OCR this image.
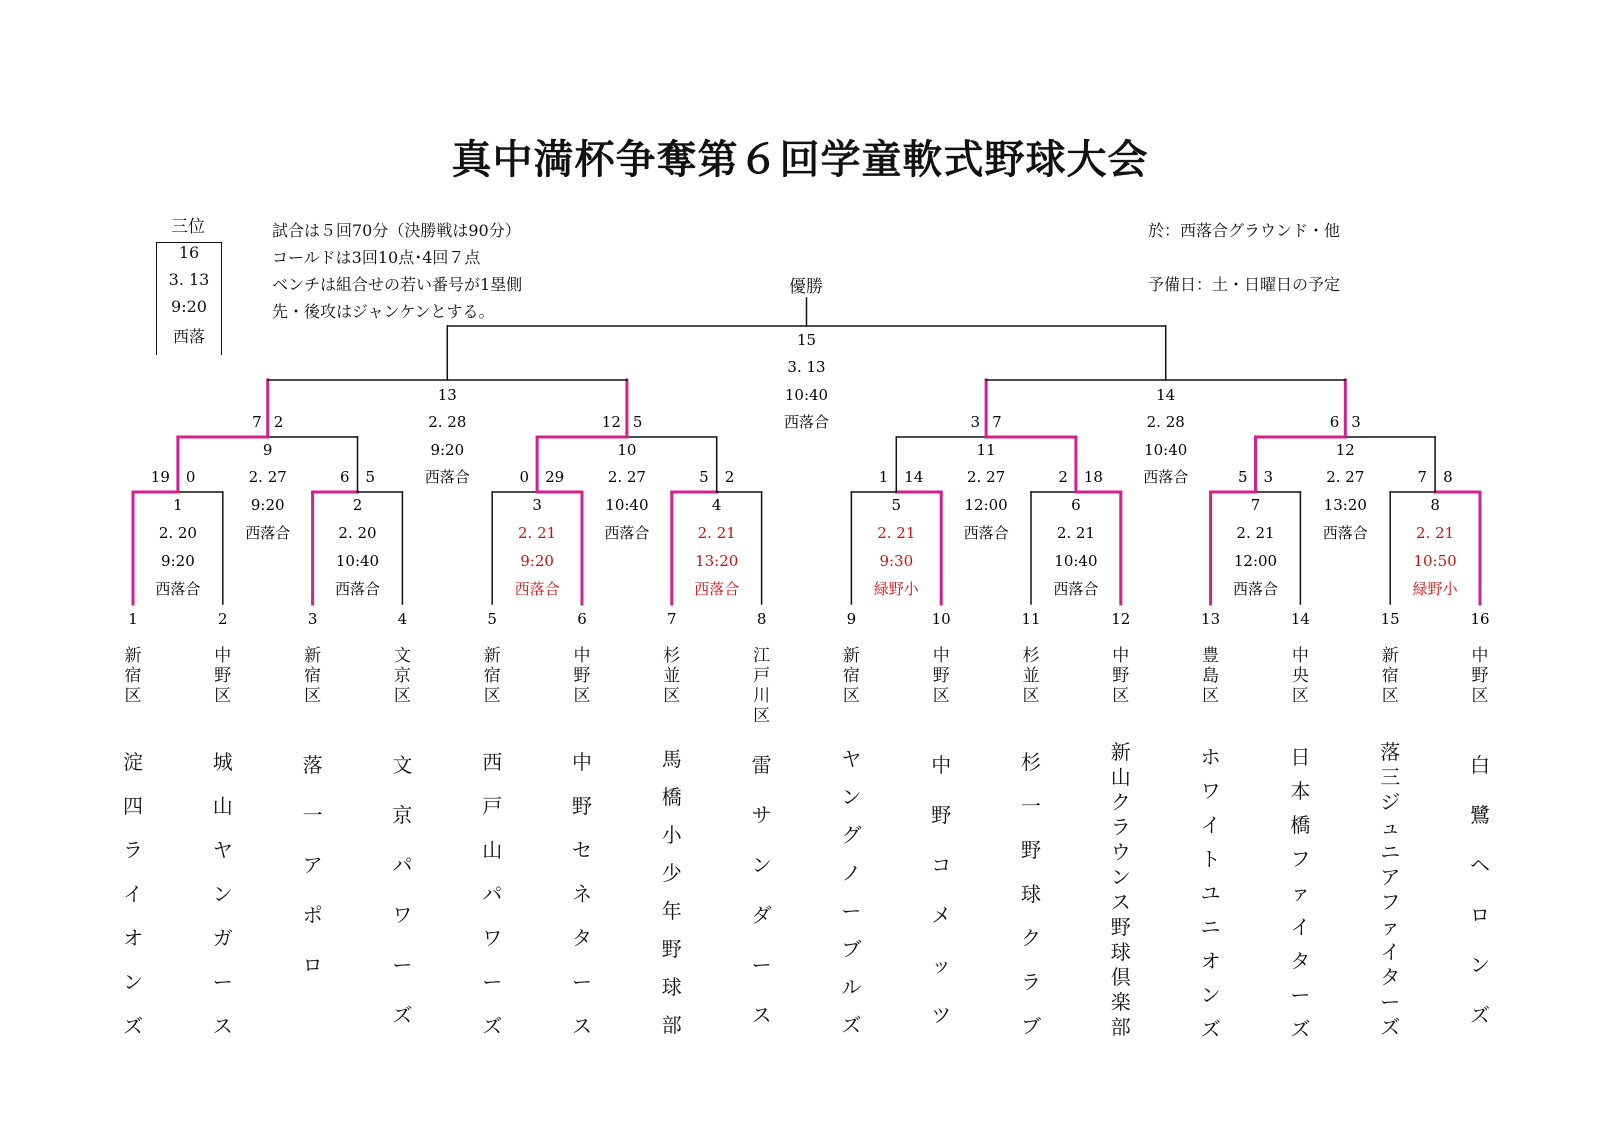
真中満杯争奪第６回学童軟式野球大会
三位
16
3. 13
9:20
西落
試合は５回70分（決勝戦は90分）
コールドは3回10点･4回７点
ベンチは組合せの若い番号が1塁側
先・後攻はジャンケンとする。
於：西落合グラウンド・他
予備日：土・日曜日の予定
優勝
1
2. 20
9:20
西落合
2
2. 20
10:40
西落合
3
2. 21
9:20
西落合
4
2. 21
13:20
西落合
5
2. 21
9:30
緑野小
6
2. 21
10:40
西落合
7
2. 21
12:00
西落合
8
2. 21
10:50
緑野小
19 0	6 5
9
2. 27
9:20
西落合
0 29	5 2
10
2. 27
10:40
西落合
1 14	2 18
11
2. 27
12:00
西落合
5 3	7 8
12
2. 27
13:20
西落合
7 2	12 5
13
2. 28
9:20
西落合
3 7	6 3
14
2. 28
10:40
西落合
15
3. 13
10:40
西落合
1	2	3	4	5	6	7	8	9	10	11	12	13	14	15	16
新
宿
区
淀
四
ラ
イ
オ
ン
ズ
中
野
区
城
山
ヤ
ン
ガ
ー
ス
新
宿
区
落
一
ア
ポ
ロ
文
京
区
文
京
パ
ワ
ー
ズ
新
宿
区
西
戸
山
パ
ワ
ー
ズ
中
野
区
中
野
セ
ネ
タ
ー
ス
杉
並
区
馬
橋
小
少
年
野
球
部
江
戸
川
区
雷
サ
ン
ダ
ー
ス
新
宿
区
ヤ
ン
グ
ノ
ー
ブ
ル
ズ
中
野
区
中
野
コ
メ
ッ
ツ
杉
並
区
杉
一
野
球
ク
ラ
ブ
中
野
区
新
山
ク
ラ
ウ
ン
ス
野
球
倶
楽
部
豊
島
区
ホ
ワ
イ
ト
ユ
ニ
オ
ン
ズ
中
央
区
日
本
橋
フ
ァ
イ
タ
ー
ズ
新
宿
区
落
三
ジ
ュ
ニ
ア
フ
ァ
イ
タ
ー
ズ
中
野
区
白
鷺
ヘ
ロ
ン
ズ
